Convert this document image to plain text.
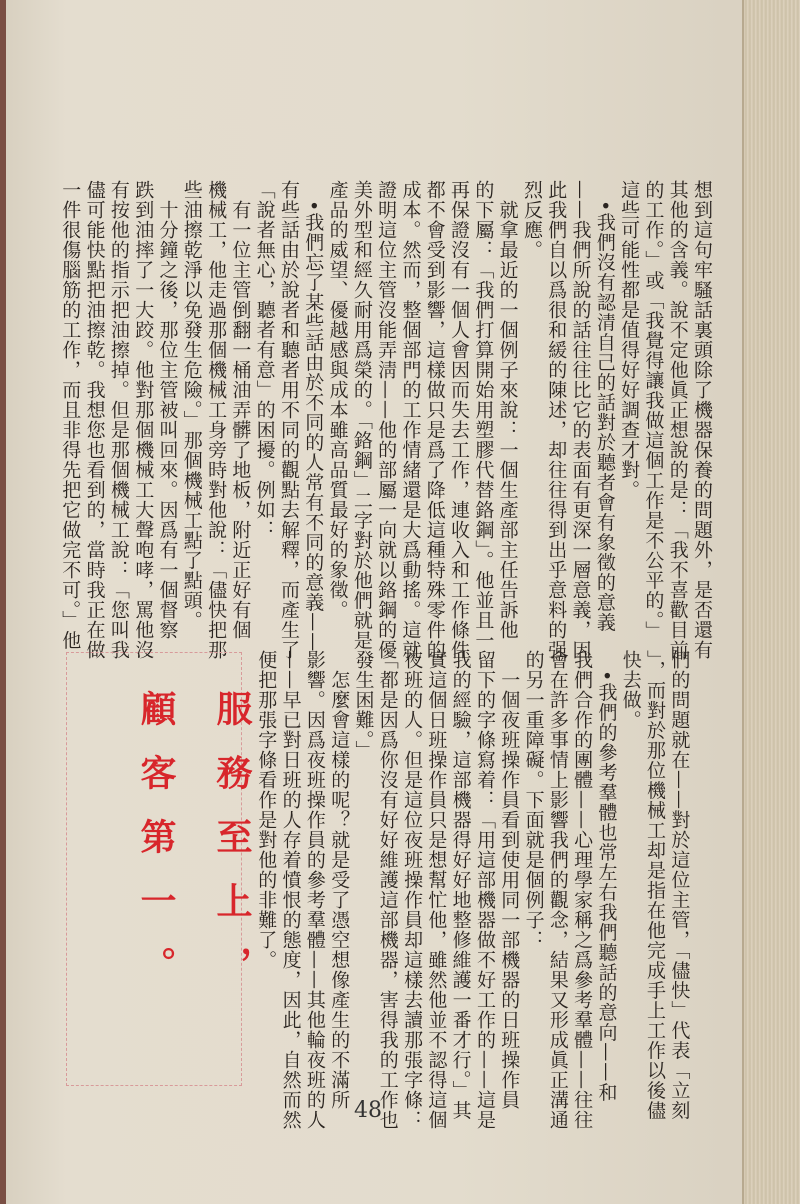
想到這句牢騷話裏頭除了機器保養的問題外，是否還有
其他的含義。說不定他眞正想說的是：「我不喜歡目前
的工作。」或「我覺得讓我做這個工作是不公平的。」
這些可能性都是值得好好調查才對。
　•我們沒有認清自己的話對於聽者會有象徵的意義
——我們所說的話往往比它的表面有更深一層意義，因
此我們自以爲很和緩的陳述，却往往得到出乎意料的强
烈反應。
　就拿最近的一個例子來說：一個生產部主任告訴他
的下屬：「我們打算開始用塑膠代替鉻鋼」。他並且一
再保證沒有一個人會因而失去工作，連收入和工作條件
都不會受到影響，這樣做只是爲了降低這種特殊零件的
成本。然而，整個部門的工作情緒還是大爲動搖。這就
證明這位主管沒能弄淸——他的部屬一向就以鉻鋼的優
美外型和經久耐用爲榮的。「鉻鋼」二字對於他們就是
產品的威望、優越感與成本雖高品質最好的象徵。
　•我們忘了某些話由於不同的人常有不同的意義——
有些話由於說者和聽者用不同的觀點去解釋，而產生了
「說者無心，聽者有意」的困擾。例如：
　有一位主管倒翻一桶油弄髒了地板，附近正好有個
機械工，他走過那個機械工身旁時對他說：「儘快把那
些油擦乾淨以免發生危險。」那個機械工點了點頭。
　十分鐘之後，那位主管被叫回來。因爲有一個督察
跌到油摔了一大跤。他對那個機械工大聲咆哮，罵他沒
有按他的指示把油擦掉。但是那個機械工說：「您叫我
儘可能快點把油擦乾。我想您也看到的，當時我正在做
一件很傷腦筋的工作，而且非得先把它做完不可。」他

們的問題就在——對於這位主管，「儘快」代表「立刻
」，而對於那位機械工却是指在他完成手上工作以後儘
快去做。
　•我們的參考羣體也常左右我們聽話的意向——和
我們合作的團體——心理學家稱之爲參考羣體——往往
會在許多事情上影響我們的觀念，結果又形成眞正溝通
的另一重障礙。下面就是個例子：
　一個夜班操作員看到使用同一部機器的日班操作員
留下的字條寫着：「用這部機器做不好工作的——這是
我的經驗，這部機器得好好地整修維護一番才行。」其
實這個日班操作員只是想幫忙他，雖然他並不認得這個
夜班的人。但是這位夜班操作員却這樣去讀那張字條：
「都是因爲你沒有好好維護這部機器，害得我的工作也
發生困難。」
　怎麼會這樣的呢？就是受了憑空想像產生的不滿所
影響。因爲夜班操作員的參考羣體——其他輪夜班的人
——早已對日班的人存着憤恨的態度，因此，自然而然
便把那張字條看作是對他的非難了。

服務至上，
顧客第一。

48
